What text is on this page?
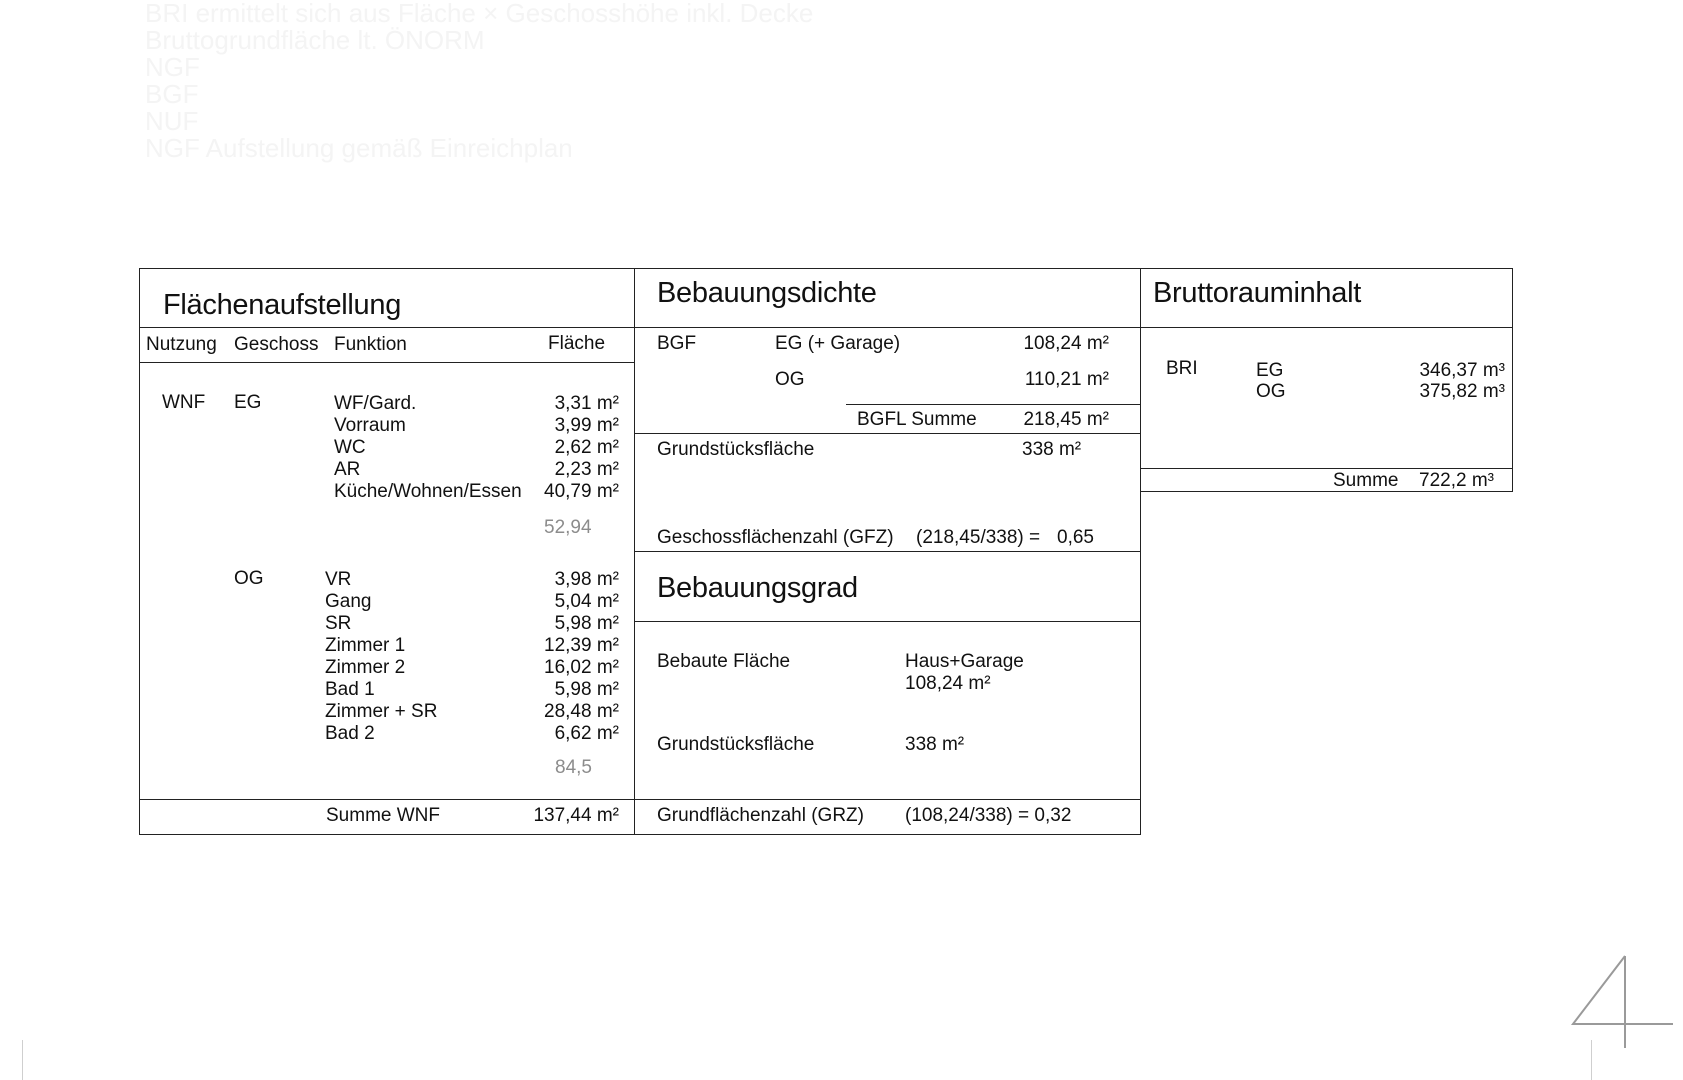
BRI ermittelt sich aus Fläche × Geschosshöhe inkl. Decke
Bruttogrundfläche lt. ÖNORM
NGF
BGF
NUF
NGF Aufstellung gemäß Einreichplan
Flächenaufstellung
Nutzung Geschoss Funktion	Fläche
WNF EG	WF/Gard.	3,31 m²
Vorraum	3,99 m²
WC	2,62 m²
AR	2,23 m²
Küche/Wohnen/Essen	40,79 m²
52,94
OG	VR	3,98 m²
Gang	5,04 m²
SR	5,98 m²
Zimmer 1	12,39 m²
Zimmer 2	16,02 m²
Bad 1	5,98 m²
Zimmer + SR	28,48 m²
Bad 2	6,62 m²
84,5
Summe WNF	137,44 m²
Bebauungsdichte
BGF	EG (+ Garage)	108,24 m²
OG	110,21 m²
BGFL Summe	218,45 m²
Grundstücksfläche	338 m²
Geschossflächenzahl (GFZ) (218,45/338) = 0,65
Bebauungsgrad
Bebaute Fläche	Haus+Garage
108,24 m²
Grundstücksfläche	338 m²
Grundflächenzahl (GRZ) (108,24/338) = 0,32
Bruttorauminhalt
BRI	EG	346,37 m³
OG	375,82 m³
Summe 722,2 m³
